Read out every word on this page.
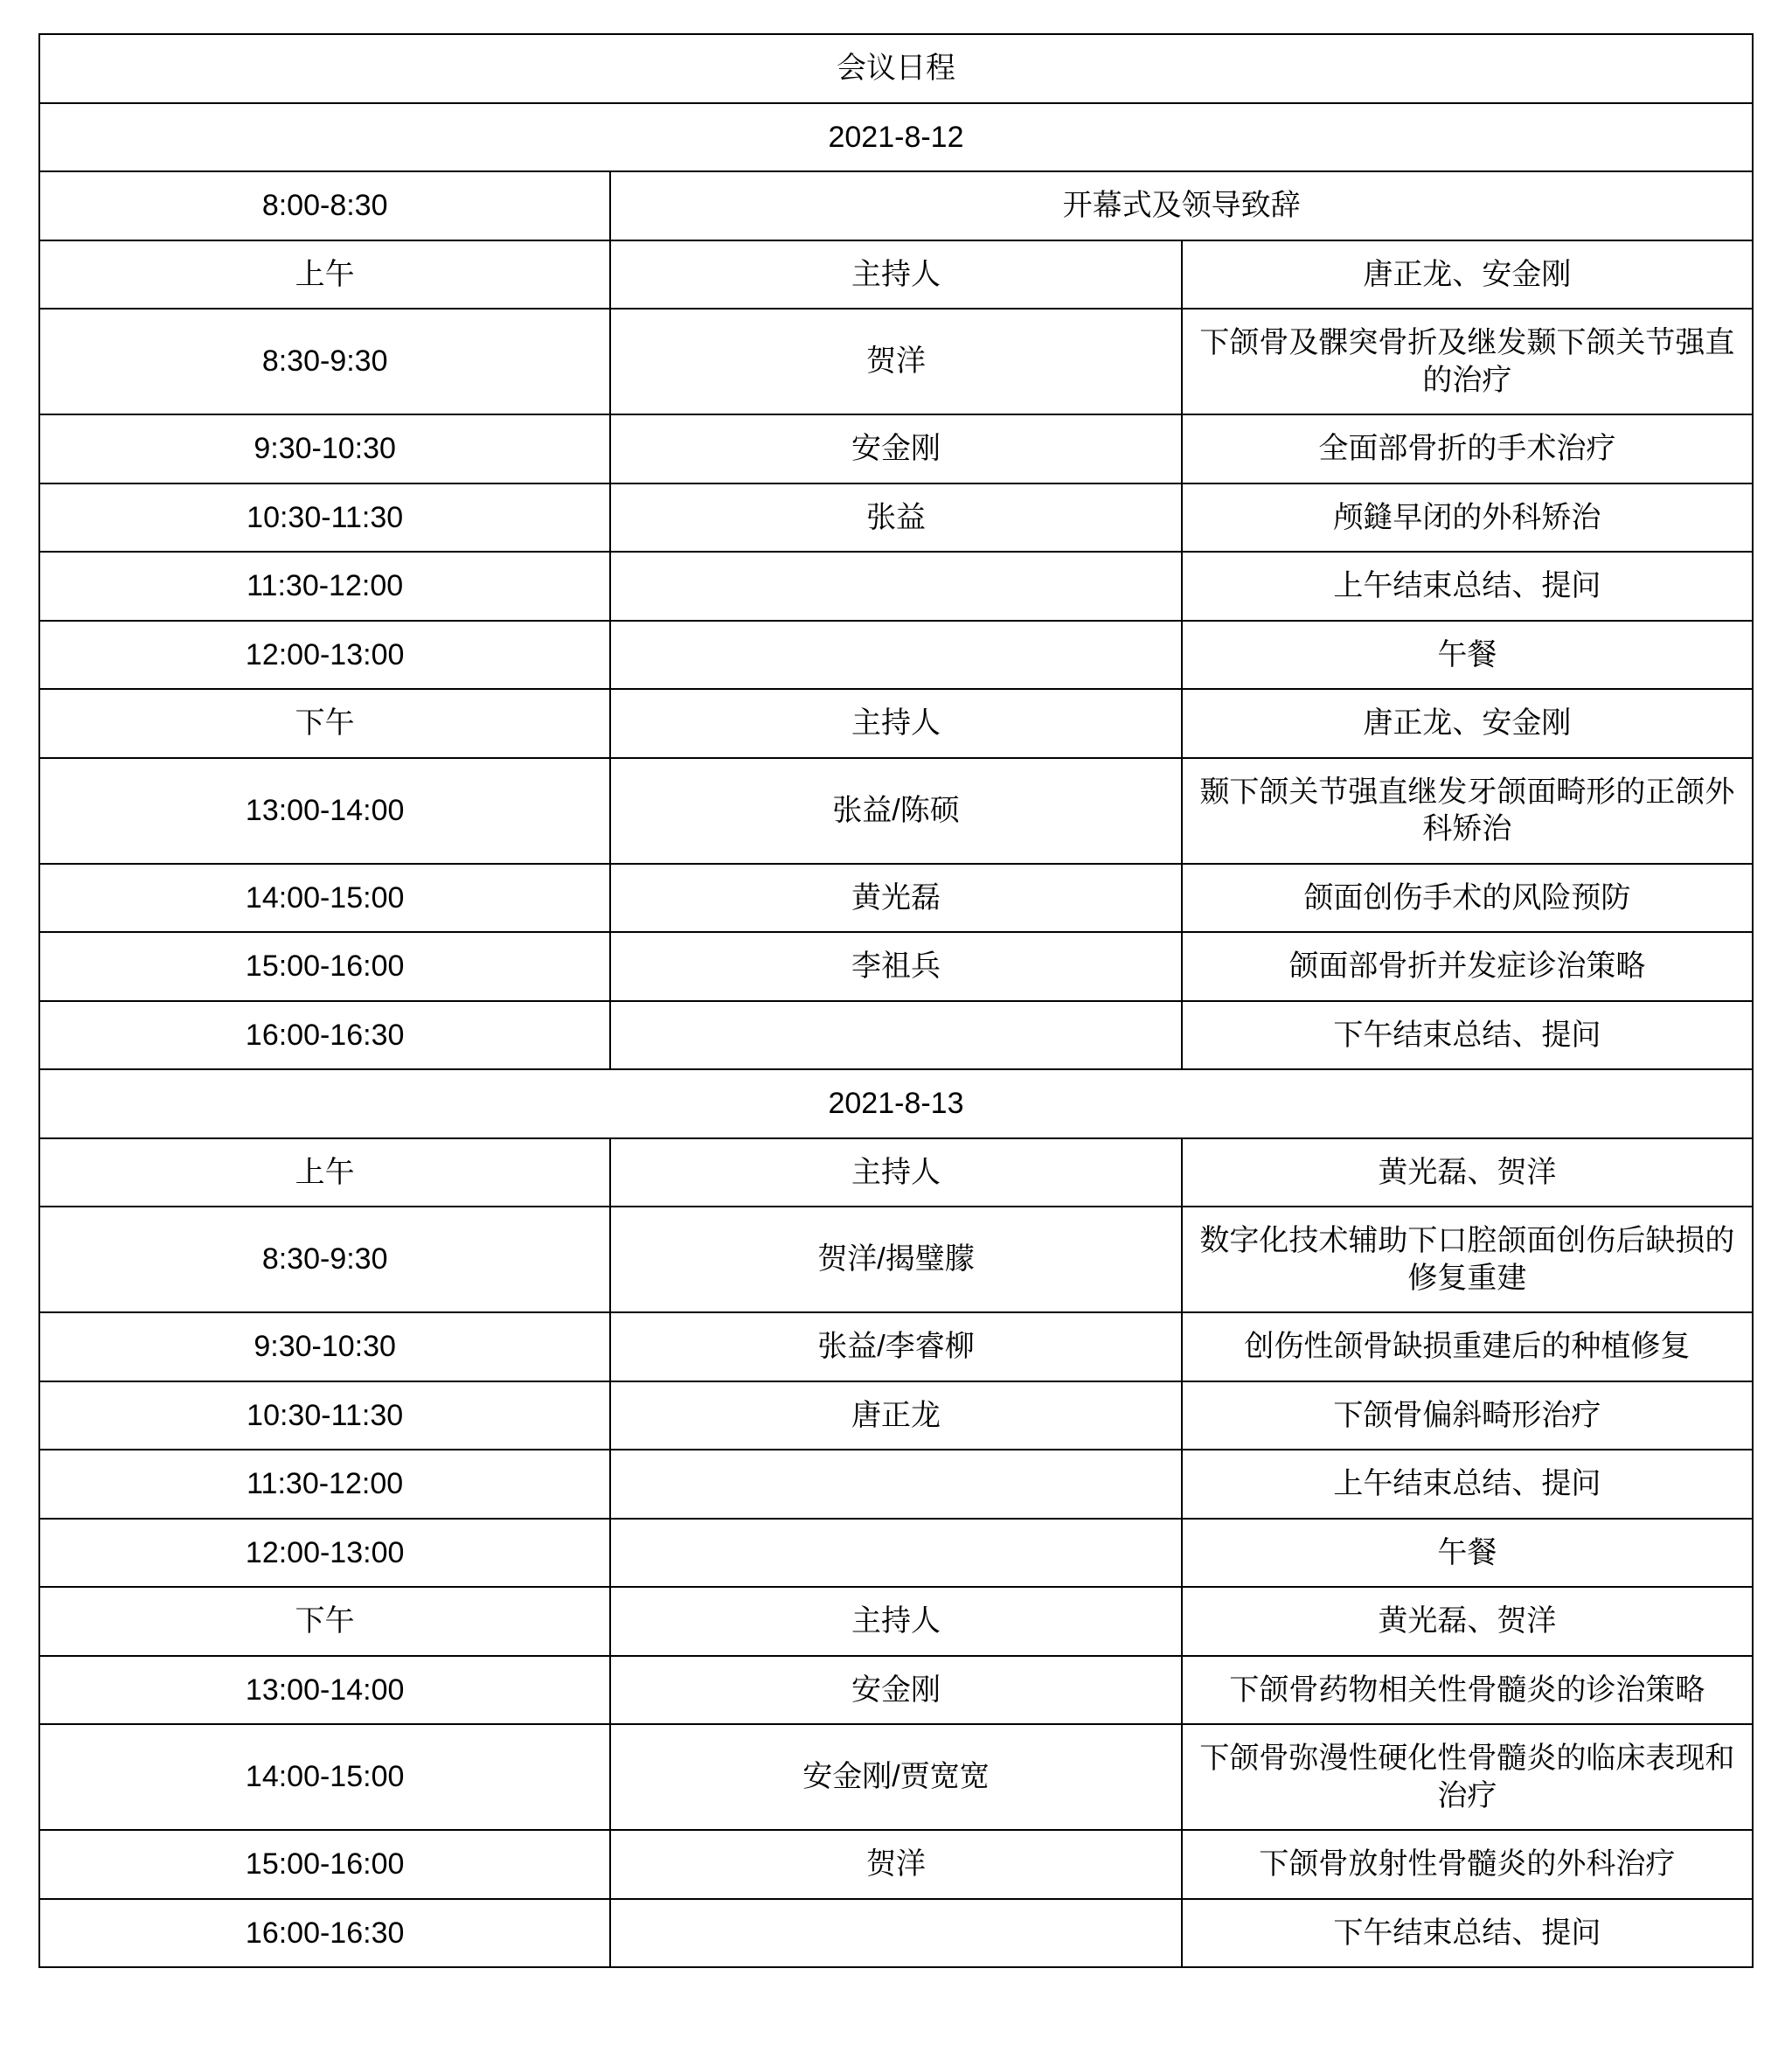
会议日程		
2021-8-12		
8:00-8:30	开幕式及领导致辞	
上午	主持人	唐正龙、安金刚
8:30-9:30	贺洋	下颌骨及髁突骨折及继发颞下颌关节强直的治疗
9:30-10:30	安金刚	全面部骨折的手术治疗
10:30-11:30	张益	颅鏠早闭的外科矫治
11:30-12:00		上午结束总结、提问
12:00-13:00		午餐
下午	主持人	唐正龙、安金刚
13:00-14:00	张益/陈硕	颞下颌关节强直继发牙颌面畸形的正颌外科矫治
14:00-15:00	黄光磊	颌面创伤手术的风险预防
15:00-16:00	李祖兵	颌面部骨折并发症诊治策略
16:00-16:30		下午结束总结、提问
2021-8-13		
上午	主持人	黄光磊、贺洋
8:30-9:30	贺洋/揭璧朦	数字化技术辅助下口腔颌面创伤后缺损的修复重建
9:30-10:30	张益/李睿柳	创伤性颌骨缺损重建后的种植修复
10:30-11:30	唐正龙	下颌骨偏斜畸形治疗
11:30-12:00		上午结束总结、提问
12:00-13:00		午餐
下午	主持人	黄光磊、贺洋
13:00-14:00	安金刚	下颌骨药物相关性骨髓炎的诊治策略
14:00-15:00	安金刚/贾宽宽	下颌骨弥漫性硬化性骨髓炎的临床表现和治疗
15:00-16:00	贺洋	下颌骨放射性骨髓炎的外科治疗
16:00-16:30		下午结束总结、提问
